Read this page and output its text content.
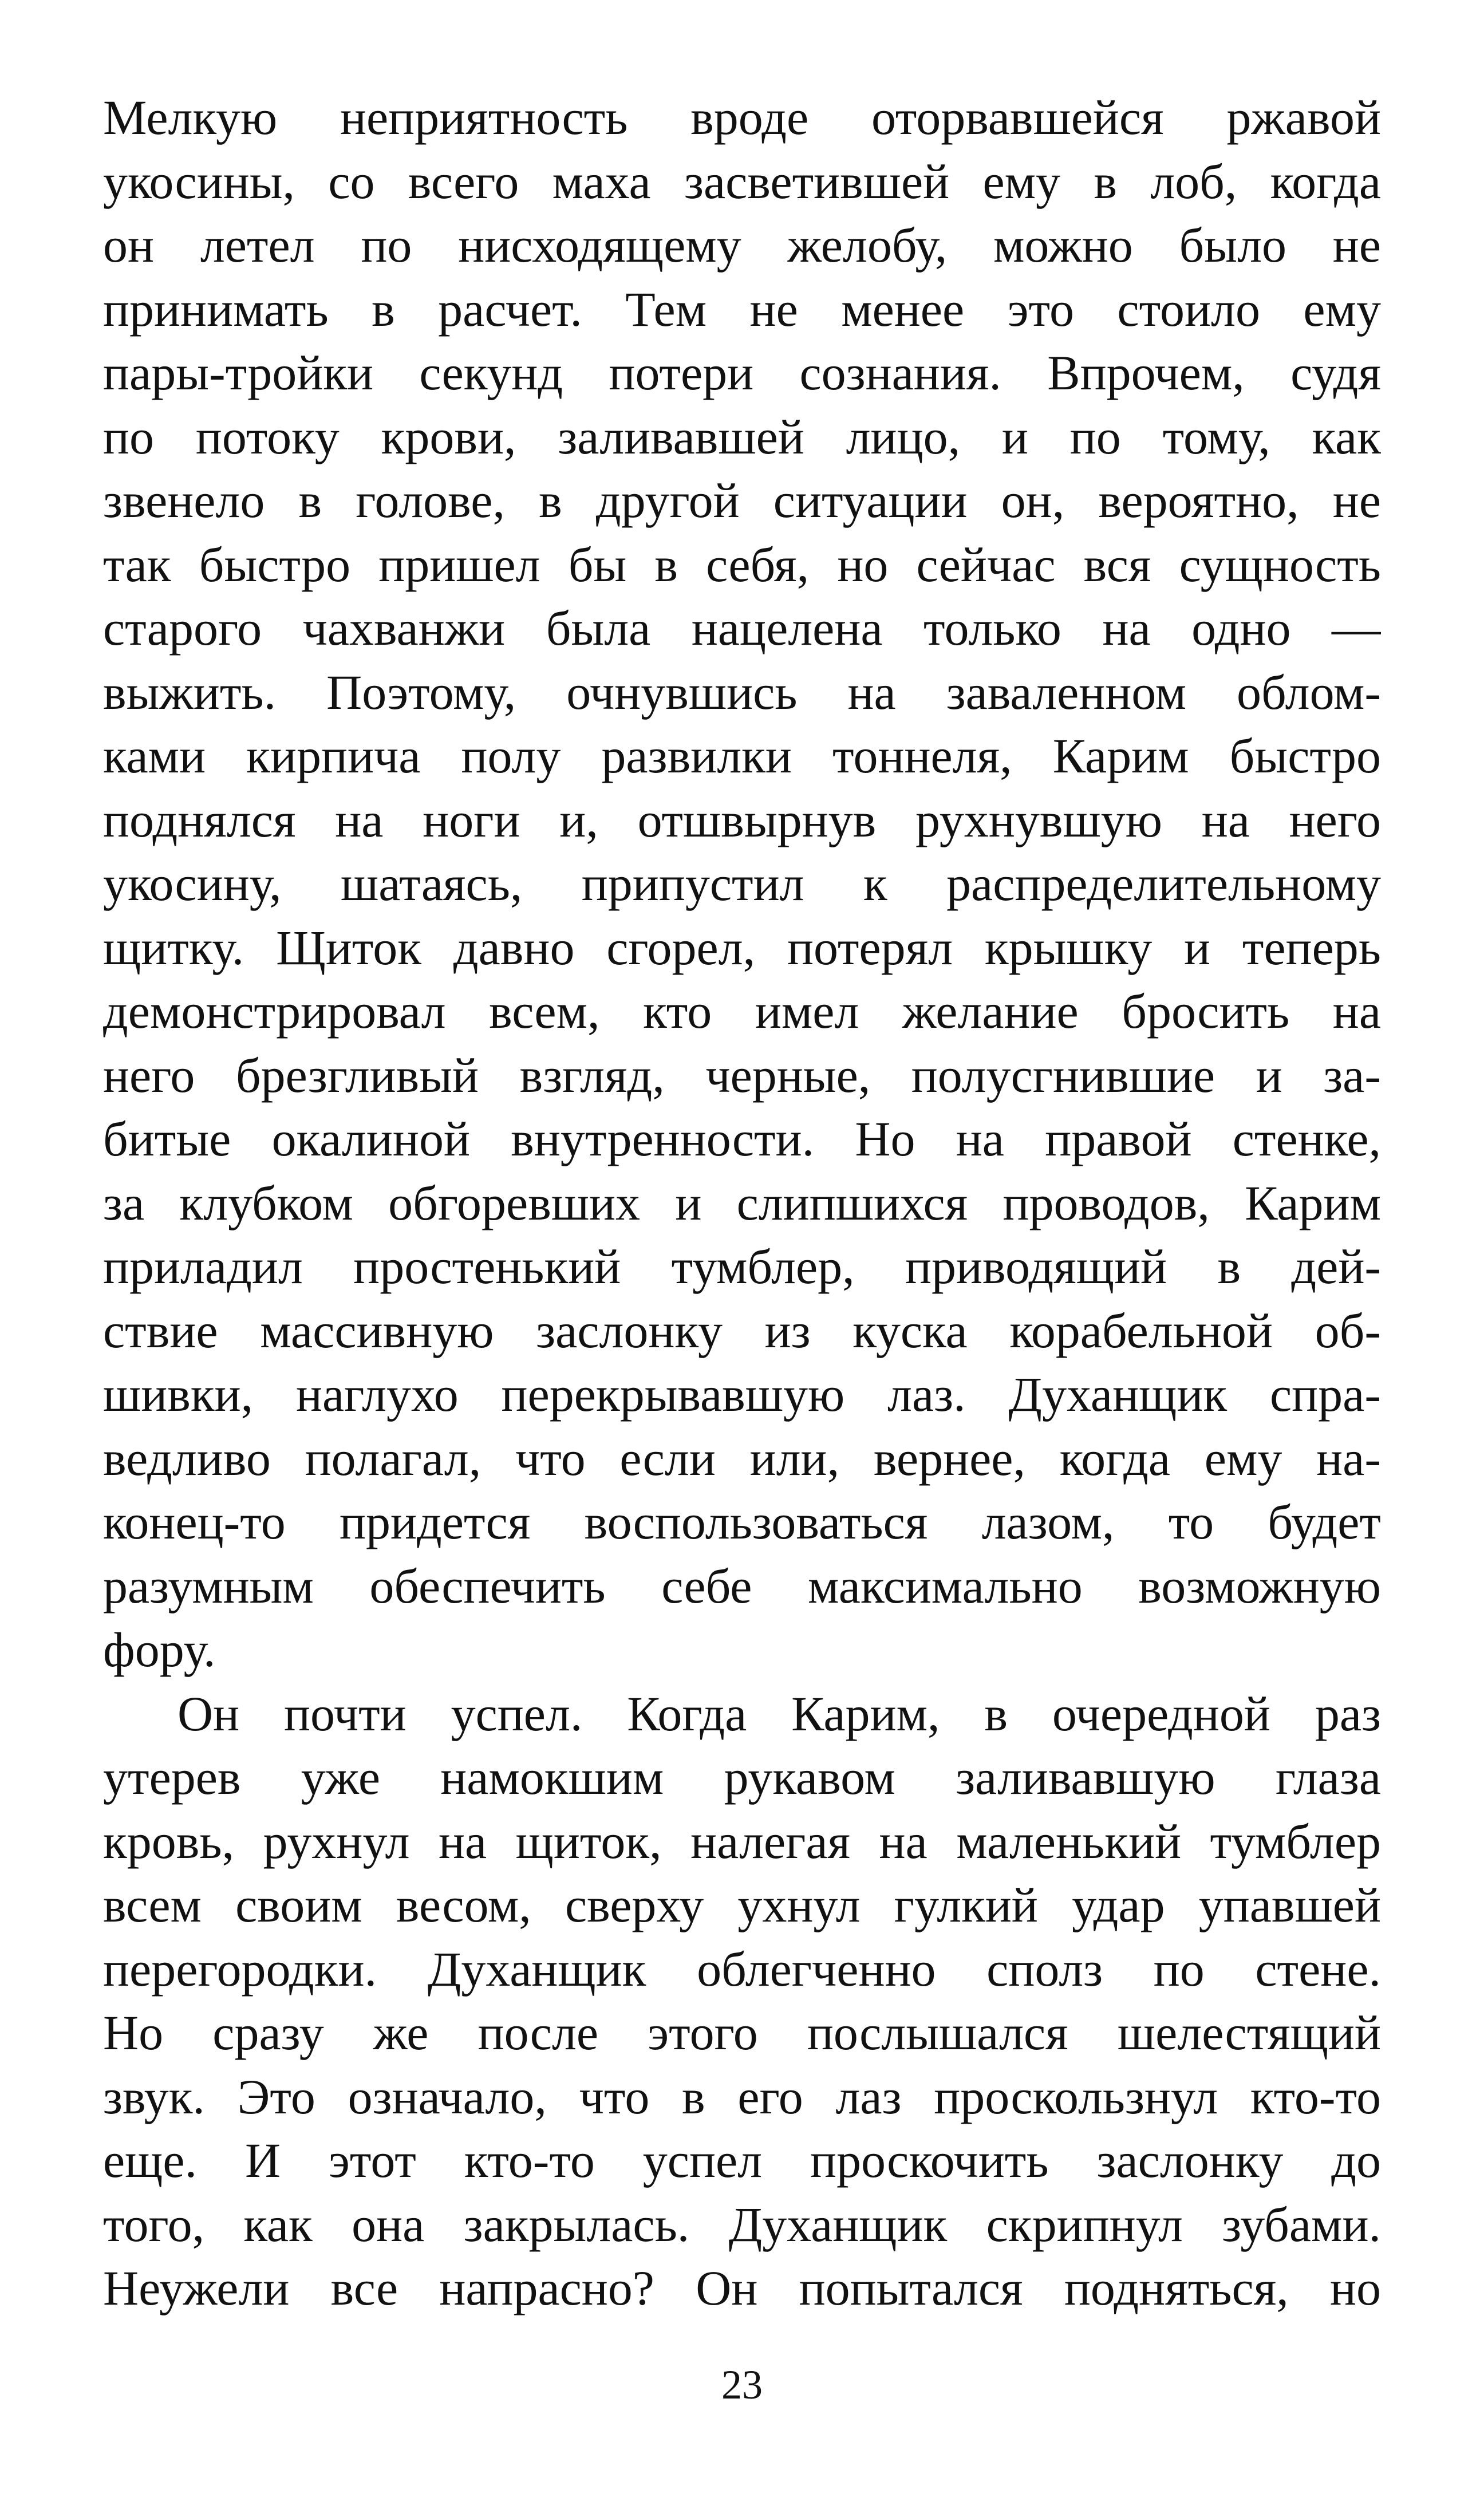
Мелкую неприятность вроде оторвавшейся ржавой
укосины, со всего маха засветившей ему в лоб, когда
он летел по нисходящему желобу, можно было не
принимать в расчет. Тем не менее это стоило ему
пары-тройки секунд потери сознания. Впрочем, судя
по потоку крови, заливавшей лицо, и по тому, как
звенело в голове, в другой ситуации он, вероятно, не
так быстро пришел бы в себя, но сейчас вся сущность
старого чахванжи была нацелена только на одно —
выжить. Поэтому, очнувшись на заваленном облом-
ками кирпича полу развилки тоннеля, Карим быстро
поднялся на ноги и, отшвырнув рухнувшую на него
укосину, шатаясь, припустил к распределительному
щитку. Щиток давно сгорел, потерял крышку и теперь
демонстрировал всем, кто имел желание бросить на
него брезгливый взгляд, черные, полусгнившие и за-
битые окалиной внутренности. Но на правой стенке,
за клубком обгоревших и слипшихся проводов, Карим
приладил простенький тумблер, приводящий в дей-
ствие массивную заслонку из куска корабельной об-
шивки, наглухо перекрывавшую лаз. Духанщик спра-
ведливо полагал, что если или, вернее, когда ему на-
конец-то придется воспользоваться лазом, то будет
разумным обеспечить себе максимально возможную
фору.
Он почти успел. Когда Карим, в очередной раз
утерев уже намокшим рукавом заливавшую глаза
кровь, рухнул на щиток, налегая на маленький тумблер
всем своим весом, сверху ухнул гулкий удар упавшей
перегородки. Духанщик облегченно сполз по стене.
Но сразу же после этого послышался шелестящий
звук. Это означало, что в его лаз проскользнул кто-то
еще. И этот кто-то успел проскочить заслонку до
того, как она закрылась. Духанщик скрипнул зубами.
Неужели все напрасно? Он попытался подняться, но
23
